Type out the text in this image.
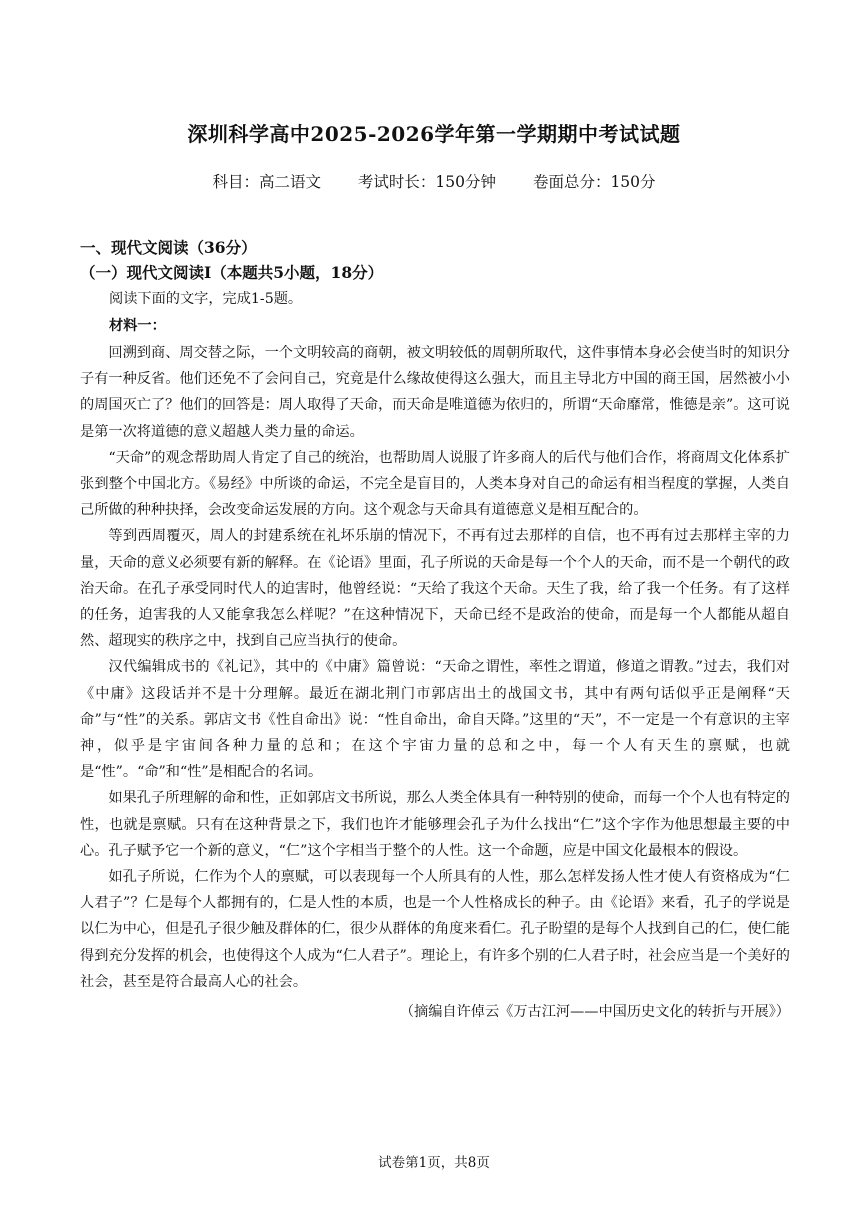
深圳科学高中2025-2026学年第一学期期中考试试题
科目：高二语文 考试时长：150分钟 卷面总分：150分
一、现代文阅读（36分）
（一）现代文阅读Ⅰ（本题共5小题，18分）
阅读下面的文字，完成1-5题。
材料一：

回溯到商、周交替之际，一个文明较高的商朝，被文明较低的周朝所取代，这件事情本身必会使当时的知识分子有一种反省。他们还免不了会问自己，究竟是什么缘故使得这么强大，而且主导北方中国的商王国，居然被小小的周国灭亡了？他们的回答是：周人取得了天命，而天命是唯道德为依归的，所谓“天命靡常，惟德是亲”。这可说是第一次将道德的意义超越人类力量的命运。

“天命”的观念帮助周人肯定了自己的统治，也帮助周人说服了许多商人的后代与他们合作，将商周文化体系扩张到整个中国北方。《易经》中所谈的命运，不完全是盲目的，人类本身对自己的命运有相当程度的掌握，人类自己所做的种种抉择，会改变命运发展的方向。这个观念与天命具有道德意义是相互配合的。

等到西周覆灭，周人的封建系统在礼坏乐崩的情况下，不再有过去那样的自信，也不再有过去那样主宰的力量，天命的意义必须要有新的解释。在《论语》里面，孔子所说的天命是每一个个人的天命，而不是一个朝代的政治天命。在孔子承受同时代人的迫害时，他曾经说：“天给了我这个天命。天生了我，给了我一个任务。有了这样的任务，迫害我的人又能拿我怎么样呢？”在这种情况下，天命已经不是政治的使命，而是每一个人都能从超自然、超现实的秩序之中，找到自己应当执行的使命。

汉代编辑成书的《礼记》，其中的《中庸》篇曾说：“天命之谓性，率性之谓道，修道之谓教。”过去，我们对《中庸》这段话并不是十分理解。最近在湖北荆门市郭店出土的战国文书，其中有两句话似乎正是阐释“天命”与“性”的关系。郭店文书《性自命出》说：“性自命出，命自天降。”这里的“天”，不一定是一个有意识的主宰神，似乎是宇宙间各种力量的总和；在这个宇宙力量的总和之中，每一个人有天生的禀赋，也就是“性”。“命”和“性”是相配合的名词。

如果孔子所理解的命和性，正如郭店文书所说，那么人类全体具有一种特别的使命，而每一个个人也有特定的性，也就是禀赋。只有在这种背景之下，我们也许才能够理会孔子为什么找出“仁”这个字作为他思想最主要的中心。孔子赋予它一个新的意义，“仁”这个字相当于整个的人性。这一个命题，应是中国文化最根本的假设。

如孔子所说，仁作为个人的禀赋，可以表现每一个人所具有的人性，那么怎样发扬人性才使人有资格成为“仁人君子”？仁是每个人都拥有的，仁是人性的本质，也是一个人性格成长的种子。由《论语》来看，孔子的学说是以仁为中心，但是孔子很少触及群体的仁，很少从群体的角度来看仁。孔子盼望的是每个人找到自己的仁，使仁能得到充分发挥的机会，也使得这个人成为“仁人君子”。理论上，有许多个别的仁人君子时，社会应当是一个美好的社会，甚至是符合最高人心的社会。

（摘编自许倬云《万古江河——中国历史文化的转折与开展》）
试卷第1页，共8页
